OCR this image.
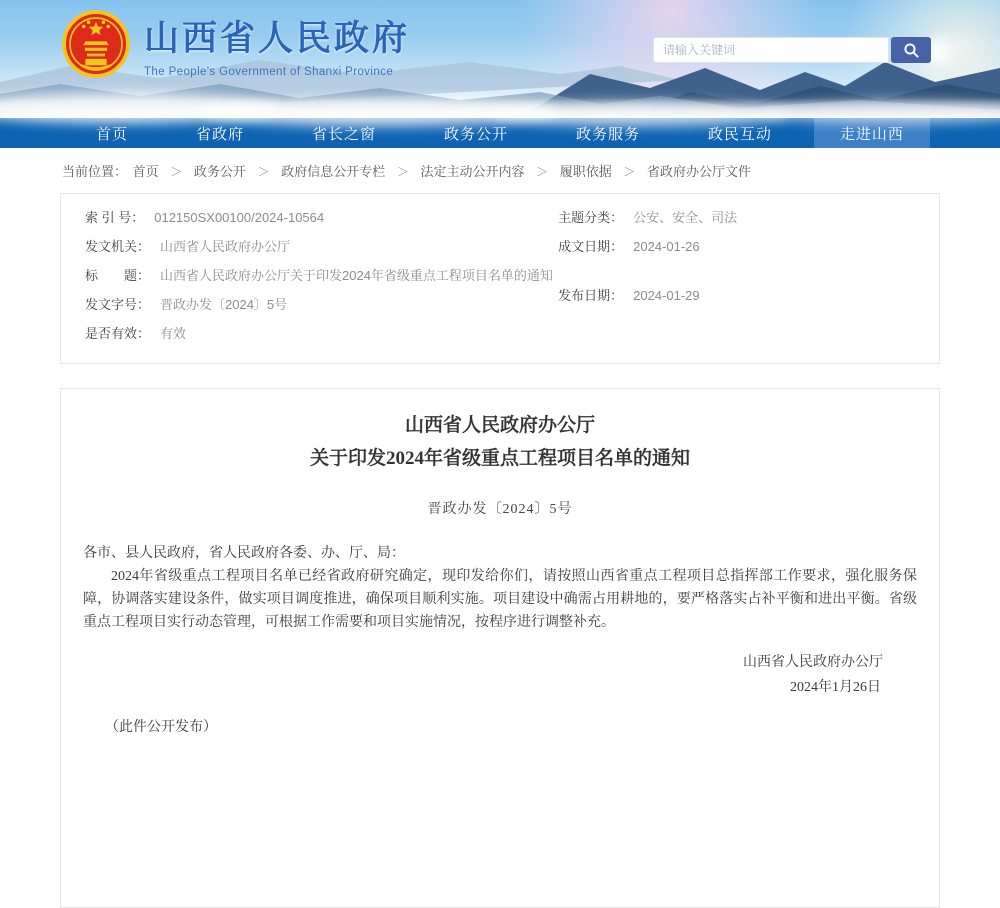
山西省人民政府
The People's Government of Shanxi Province
请输入关键词
首页	省政府	省长之窗	政务公开	政务服务	政民互动	走进山西
当前位置： 首页 ＞ 政务公开 ＞ 政府信息公开专栏 ＞ 法定主动公开内容 ＞ 履职依据 ＞ 省政府办公厅文件
索 引 号： 012150SX00100/2024-10564
发文机关： 山西省人民政府办公厅
标　　题： 山西省人民政府办公厅关于印发2024年省级重点工程项目名单的通知
发文字号： 晋政办发〔2024〕5号
是否有效： 有效
主题分类： 公安、安全、司法
成文日期： 2024-01-26
发布日期： 2024-01-29
山西省人民政府办公厅
关于印发2024年省级重点工程项目名单的通知
晋政办发〔2024〕5号

各市、县人民政府，省人民政府各委、办、厅、局：

2024年省级重点工程项目名单已经省政府研究确定，现印发给你们，请按照山西省重点工程项目总指挥部工作要求，强化服务保障，协调落实建设条件，做实项目调度推进，确保项目顺利实施。项目建设中确需占用耕地的，要严格落实占补平衡和进出平衡。省级重点工程项目实行动态管理，可根据工作需要和项目实施情况，按程序进行调整补充。

山西省人民政府办公厅
2024年1月26日
（此件公开发布）
